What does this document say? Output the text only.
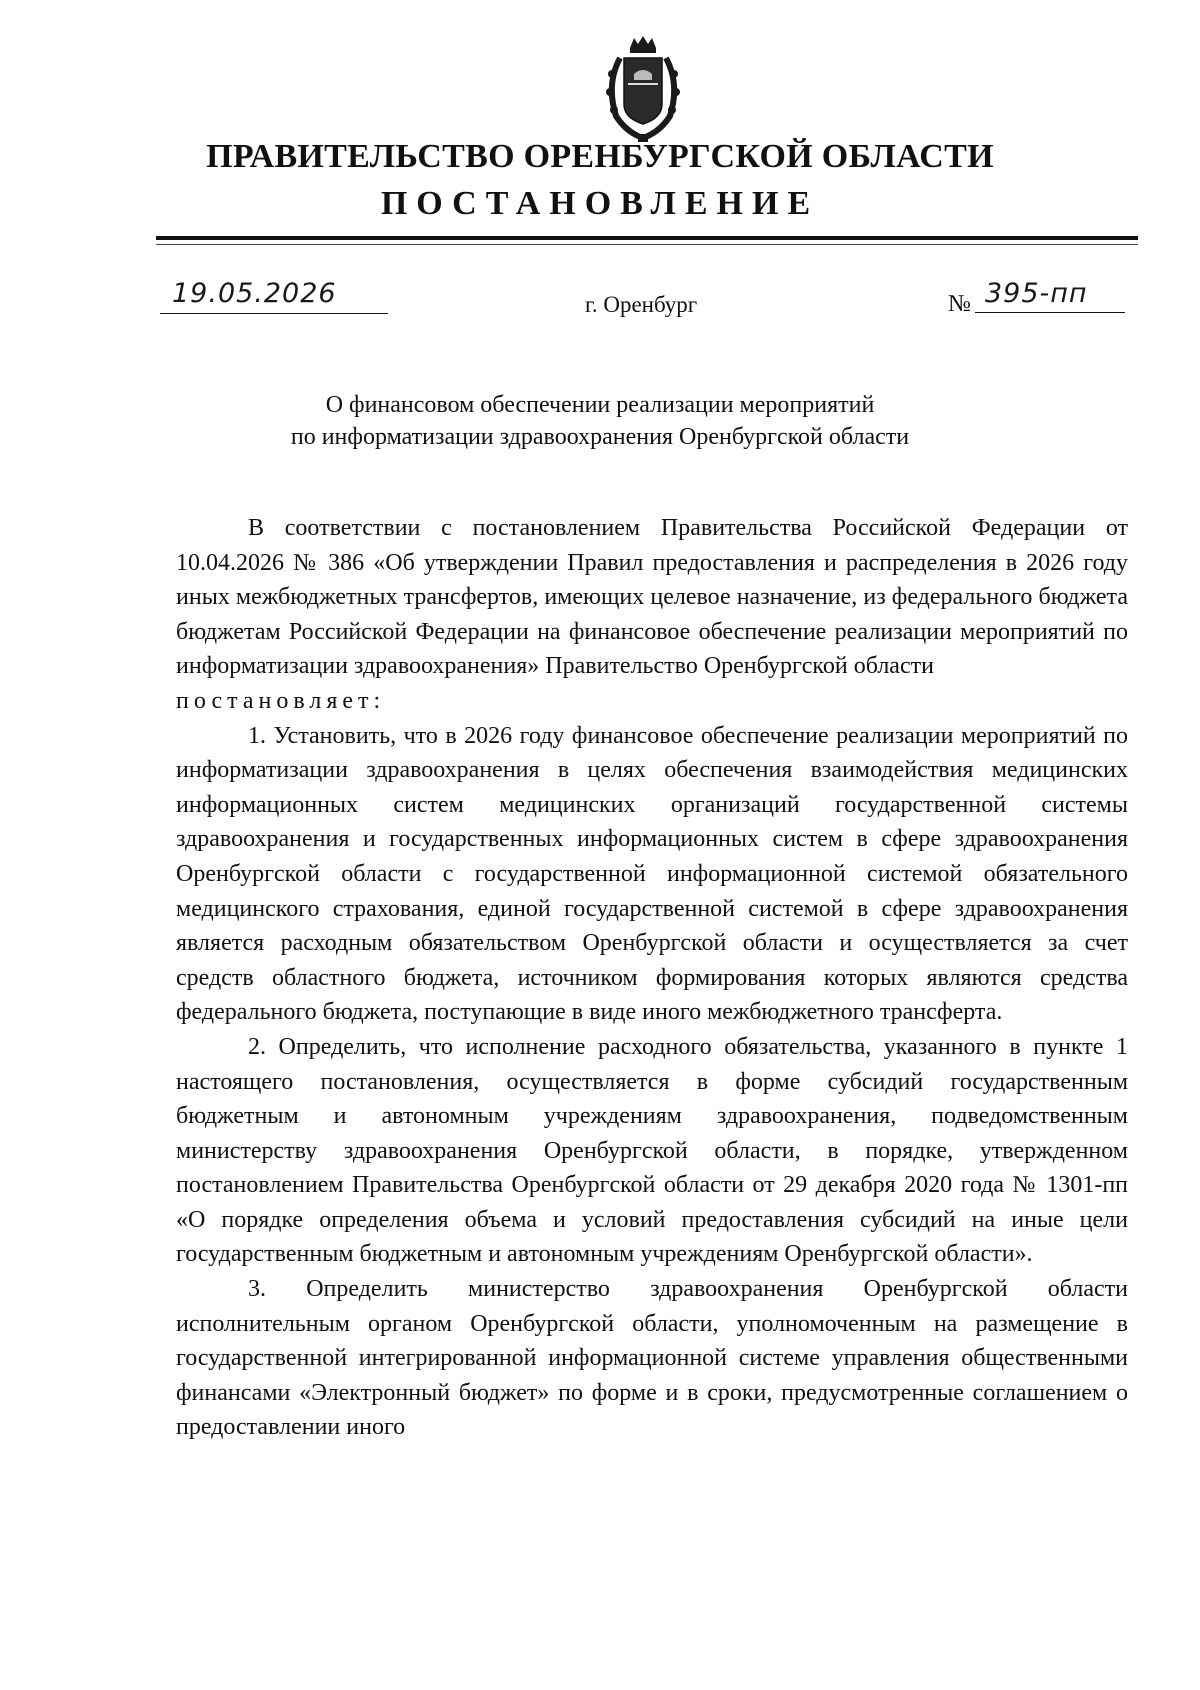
ПРАВИТЕЛЬСТВО ОРЕНБУРГСКОЙ ОБЛАСТИ
ПОСТАНОВЛЕНИЕ
19.05.2026	г. Оренбург	№ 395-пп
О финансовом обеспечении реализации мероприятий
по информатизации здравоохранения Оренбургской области

В соответствии с постановлением Правительства Российской Федерации от 10.04.2026 № 386 «Об утверждении Правил предоставления и распределения в 2026 году иных межбюджетных трансфертов, имеющих целевое назначение, из федерального бюджета бюджетам Российской Федерации на финансовое обеспечение реализации мероприятий по информатизации здравоохранения» Правительство Оренбургской области

постановляет:

1. Установить, что в 2026 году финансовое обеспечение реализации мероприятий по информатизации здравоохранения в целях обеспечения взаимодействия медицинских информационных систем медицинских организаций государственной системы здравоохранения и государственных информационных систем в сфере здравоохранения Оренбургской области с государственной информационной системой обязательного медицинского страхования, единой государственной системой в сфере здравоохранения является расходным обязательством Оренбургской области и осуществляется за счет средств областного бюджета, источником формирования которых являются средства федерального бюджета, поступающие в виде иного межбюджетного трансферта.

2. Определить, что исполнение расходного обязательства, указанного в пункте 1 настоящего постановления, осуществляется в форме субсидий государственным бюджетным и автономным учреждениям здравоохранения, подведомственным министерству здравоохранения Оренбургской области, в порядке, утвержденном постановлением Правительства Оренбургской области от 29 декабря 2020 года № 1301-пп «О порядке определения объема и условий предоставления субсидий на иные цели государственным бюджетным и автономным учреждениям Оренбургской области».

3. Определить министерство здравоохранения Оренбургской области исполнительным органом Оренбургской области, уполномоченным на размещение в государственной интегрированной информационной системе управления общественными финансами «Электронный бюджет» по форме и в сроки, предусмотренные соглашением о предоставлении иного
